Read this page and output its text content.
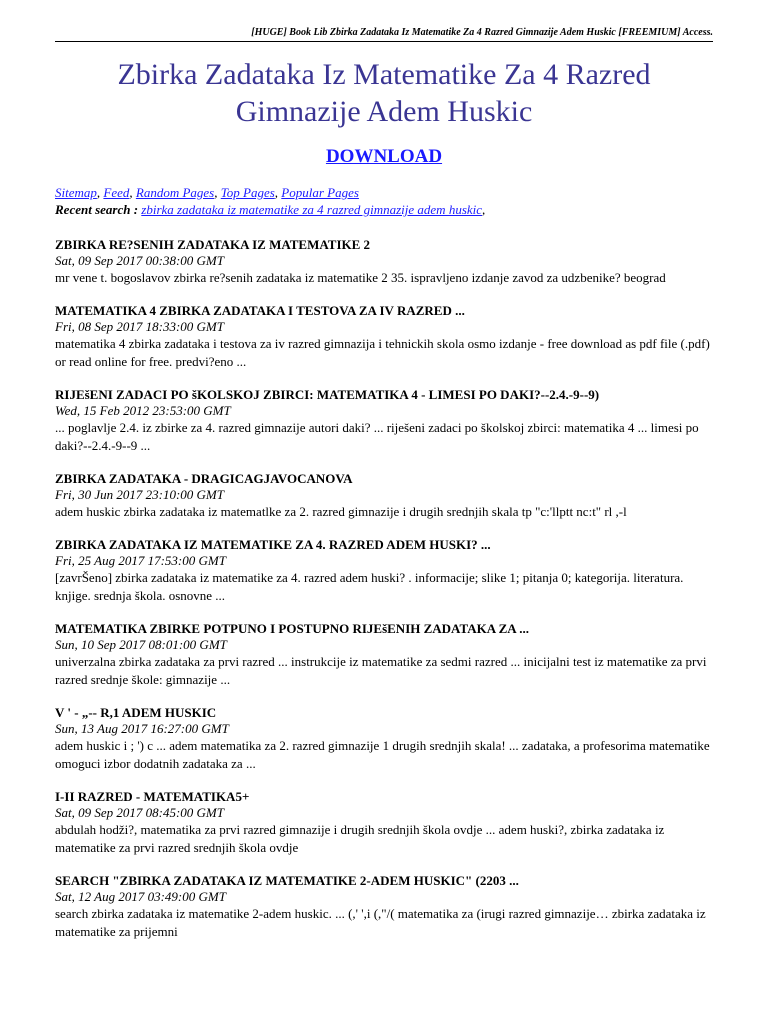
[HUGE] Book Lib Zbirka Zadataka Iz Matematike Za 4 Razred Gimnazije Adem Huskic [FREEMIUM] Access.
Zbirka Zadataka Iz Matematike Za 4 Razred Gimnazije Adem Huskic
DOWNLOAD
Sitemap, Feed, Random Pages, Top Pages, Popular Pages
Recent search : zbirka zadataka iz matematike za 4 razred gimnazije adem huskic,
ZBIRKA RE?SENIH ZADATAKA IZ MATEMATIKE 2
Sat, 09 Sep 2017 00:38:00 GMT
mr vene t. bogoslavov zbirka re?senih zadataka iz matematike 2 35. ispravljeno izdanje zavod za udzbenike? beograd
MATEMATIKA 4 ZBIRKA ZADATAKA I TESTOVA ZA IV RAZRED ...
Fri, 08 Sep 2017 18:33:00 GMT
matematika 4 zbirka zadataka i testova za iv razred gimnazija i tehnickih skola osmo izdanje - free download as pdf file (.pdf) or read online for free. predvi?eno ...
RIJEšENI ZADACI PO šKOLSKOJ ZBIRCI: MATEMATIKA 4 - LIMESI PO DAKI?--2.4.-9--9)
Wed, 15 Feb 2012 23:53:00 GMT
... poglavlje 2.4. iz zbirke za 4. razred gimnazije autori daki? ... riješeni zadaci po školskoj zbirci: matematika 4 ... limesi po daki?--2.4.-9--9 ...
ZBIRKA ZADATAKA - DRAGICAGJAVOCANOVA
Fri, 30 Jun 2017 23:10:00 GMT
adem huskic zbirka zadataka iz matematlke za 2. razred gimnazije i drugih srednjih skala tp "c:'llptt nc:t" rl ,-l
ZBIRKA ZADATAKA IZ MATEMATIKE ZA 4. RAZRED ADEM HUSKI? ...
Fri, 25 Aug 2017 17:53:00 GMT
[zavrŠeno] zbirka zadataka iz matematike za 4. razred adem huski? . informacije; slike 1; pitanja 0; kategorija. literatura. knjige. srednja škola. osnovne ...
MATEMATIKA ZBIRKE POTPUNO I POSTUPNO RIJEšENIH ZADATAKA ZA ...
Sun, 10 Sep 2017 08:01:00 GMT
univerzalna zbirka zadataka za prvi razred ... instrukcije iz matematike za sedmi razred ... inicijalni test iz matematike za prvi razred srednje škole: gimnazije ...
V ' - „-- R,1 ADEM HUSKIC
Sun, 13 Aug 2017 16:27:00 GMT
adem huskic i ; ') c ... adem matematika za 2. razred gimnazije 1 drugih srednjih skala! ... zadataka, a profesorima matematike omoguci izbor dodatnih zadataka za ...
I-II RAZRED - MATEMATIKA5+
Sat, 09 Sep 2017 08:45:00 GMT
abdulah hodži?, matematika za prvi razred gimnazije i drugih srednjih škola ovdje ... adem huski?, zbirka zadataka iz matematike za prvi razred srednjih škola ovdje
SEARCH "ZBIRKA ZADATAKA IZ MATEMATIKE 2-ADEM HUSKIC" (2203 ...
Sat, 12 Aug 2017 03:49:00 GMT
search zbirka zadataka iz matematike 2-adem huskic. ... (,' ',i (,"/( matematika za (irugi razred gimnazije… zbirka zadataka iz matematike za prijemni
